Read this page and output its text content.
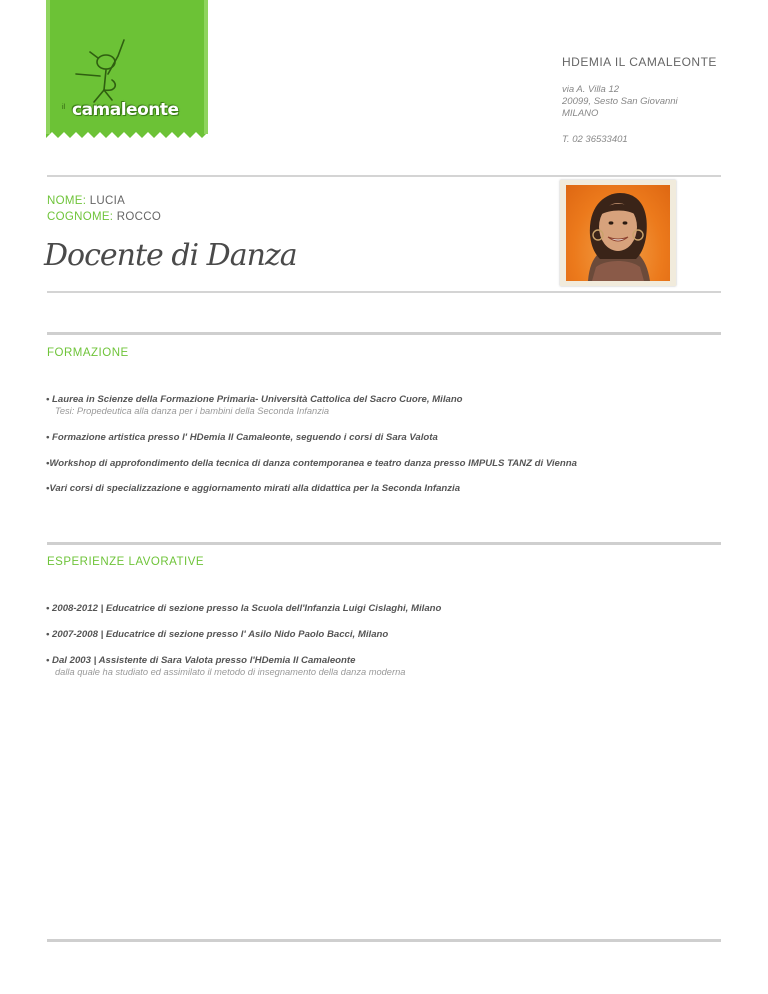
il camaleonte
HDEMIA IL CAMALEONTE
via A. Villa 12
20099, Sesto San Giovanni
MILANO
T. 02 36533401
NOME: LUCIA
COGNOME: ROCCO
Docente di Danza
FORMAZIONE
• Laurea in Scienze della Formazione Primaria- Università Cattolica del Sacro Cuore, Milano
Tesi: Propedeutica alla danza per i bambini della Seconda Infanzia
• Formazione artistica presso l' HDemia Il Camaleonte, seguendo i corsi di Sara Valota
•Workshop di approfondimento della tecnica di danza contemporanea e teatro danza presso IMPULS TANZ di Vienna
•Vari corsi di specializzazione e aggiornamento mirati alla didattica per la Seconda Infanzia
ESPERIENZE LAVORATIVE
• 2008-2012 | Educatrice di sezione presso la Scuola dell'Infanzia Luigi Cislaghi, Milano
• 2007-2008 | Educatrice di sezione presso l' Asilo Nido Paolo Bacci, Milano
• Dal 2003 | Assistente di Sara Valota presso l'HDemia Il Camaleonte
dalla quale ha studiato ed assimilato il metodo di insegnamento della danza moderna
